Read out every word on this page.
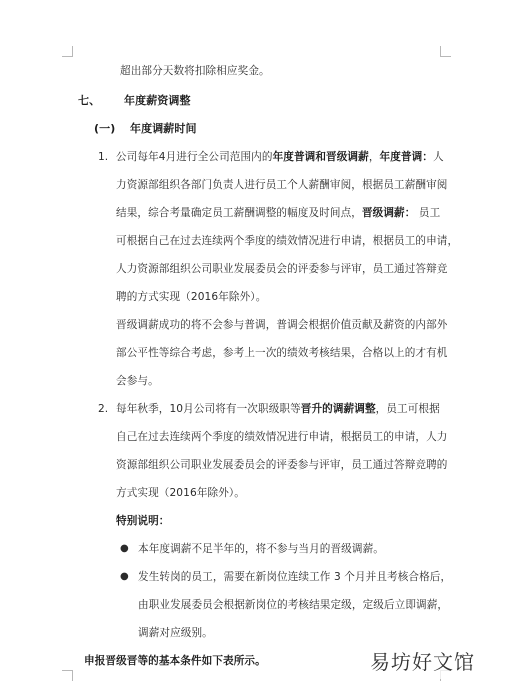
超出部分天数将扣除相应奖金。
七、 年度薪资调整
(一) 年度调薪时间
1. 公司每年4月进行全公司范围内的年度普调和晋级调薪，年度普调：人
力资源部组织各部门负责人进行员工个人薪酬审阅，根据员工薪酬审阅
结果，综合考量确定员工薪酬调整的幅度及时间点，晋级调薪： 员工
可根据自己在过去连续两个季度的绩效情况进行申请，根据员工的申请，
人力资源部组织公司职业发展委员会的评委参与评审，员工通过答辩竞
聘的方式实现（2016年除外）。
晋级调薪成功的将不会参与普调，普调会根据价值贡献及薪资的内部外
部公平性等综合考虑，参考上一次的绩效考核结果，合格以上的才有机
会参与。
2. 每年秋季，10月公司将有一次职级职等晋升的调薪调整，员工可根据
自己在过去连续两个季度的绩效情况进行申请，根据员工的申请，人力
资源部组织公司职业发展委员会的评委参与评审，员工通过答辩竞聘的
方式实现（2016年除外）。
特别说明：
● 本年度调薪不足半年的，将不参与当月的晋级调薪。
● 发生转岗的员工，需要在新岗位连续工作 3 个月并且考核合格后，
由职业发展委员会根据新岗位的考核结果定级，定级后立即调薪，
调薪对应级别。
申报晋级晋等的基本条件如下表所示。	易坊好文馆
